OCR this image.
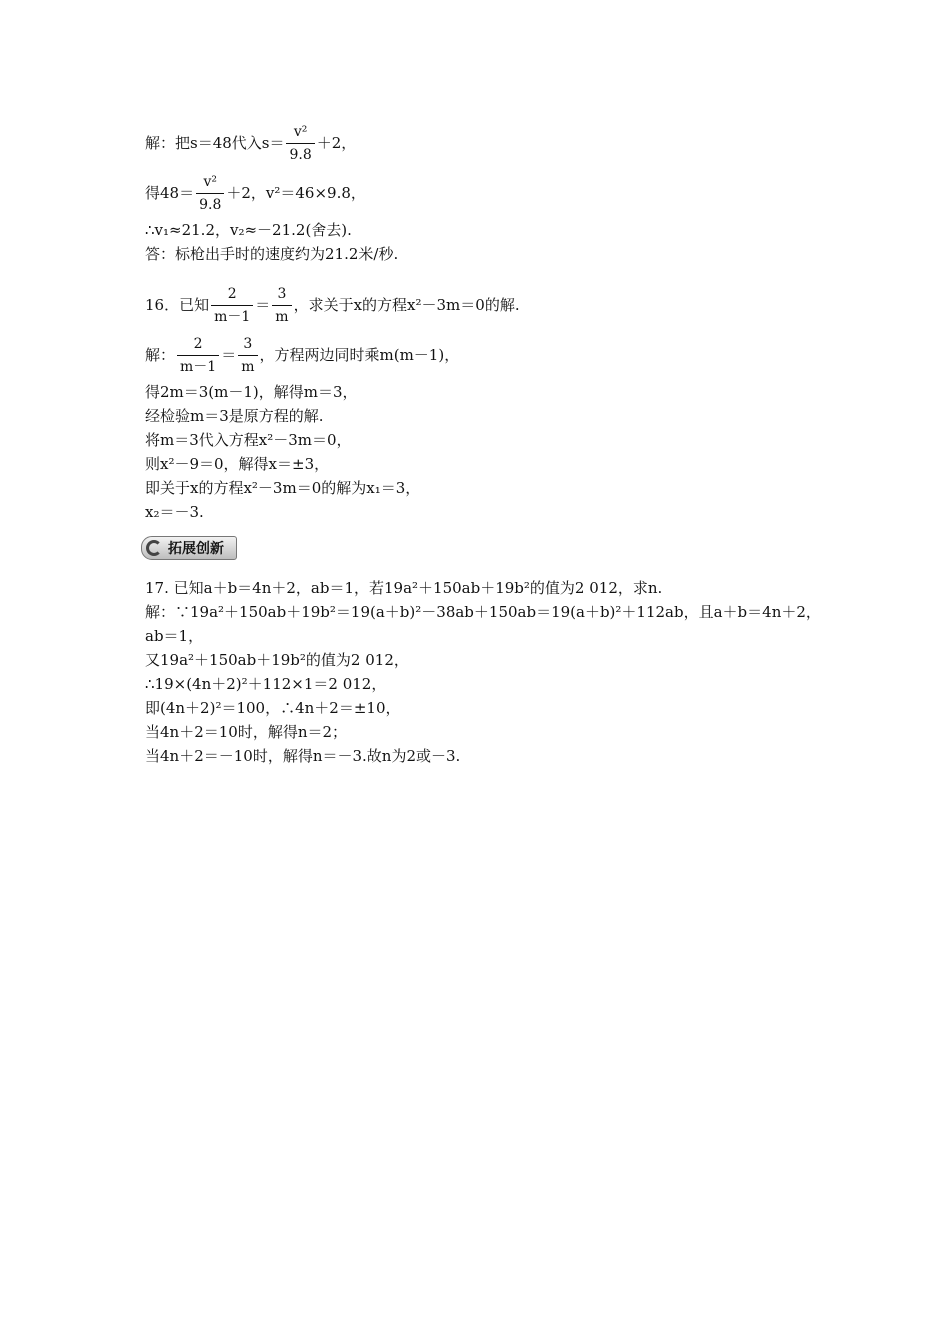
解：把s＝48代入$s= \frac{\text{v²}}{9.8} +2$，
得$48= \frac{\text{v²}}{9.8} +2$，v²＝46×9.8，
∴v₁≈21.2，v₂≈－21.2(舍去).
答：标枪出手时的速度约为21.2米/秒.
16．已知 $\frac{2}{m-1} = \frac{3}{m}$ ，求关于x的方程x²－3m＝0的解.
解： $\frac{2}{m-1} = \frac{3}{m}$ ，方程两边同时乘m(m－1)，
得2m＝3(m－1)，解得m＝3，
经检验m＝3是原方程的解.
将m＝3代入方程x²－3m＝0，
则x²－9＝0，解得x＝±3，
即关于x的方程x²－3m＝0的解为x₁＝3，
x₂＝－3.
拓展创新
17. 已知a＋b＝4n＋2，ab＝1，若19a²＋150ab＋19b²的值为2 012，求n.
解：∵19a²＋150ab＋19b²＝19(a＋b)²－38ab＋150ab＝19(a＋b)²＋112ab，且a＋b＝4n＋2，
ab＝1，
又19a²＋150ab＋19b²的值为2 012，
∴19×(4n＋2)²＋112×1＝2 012，
即(4n＋2)²＝100，∴4n＋2＝±10，
当4n＋2＝10时，解得n＝2；
当4n＋2＝－10时，解得n＝－3.故n为2或－3.
